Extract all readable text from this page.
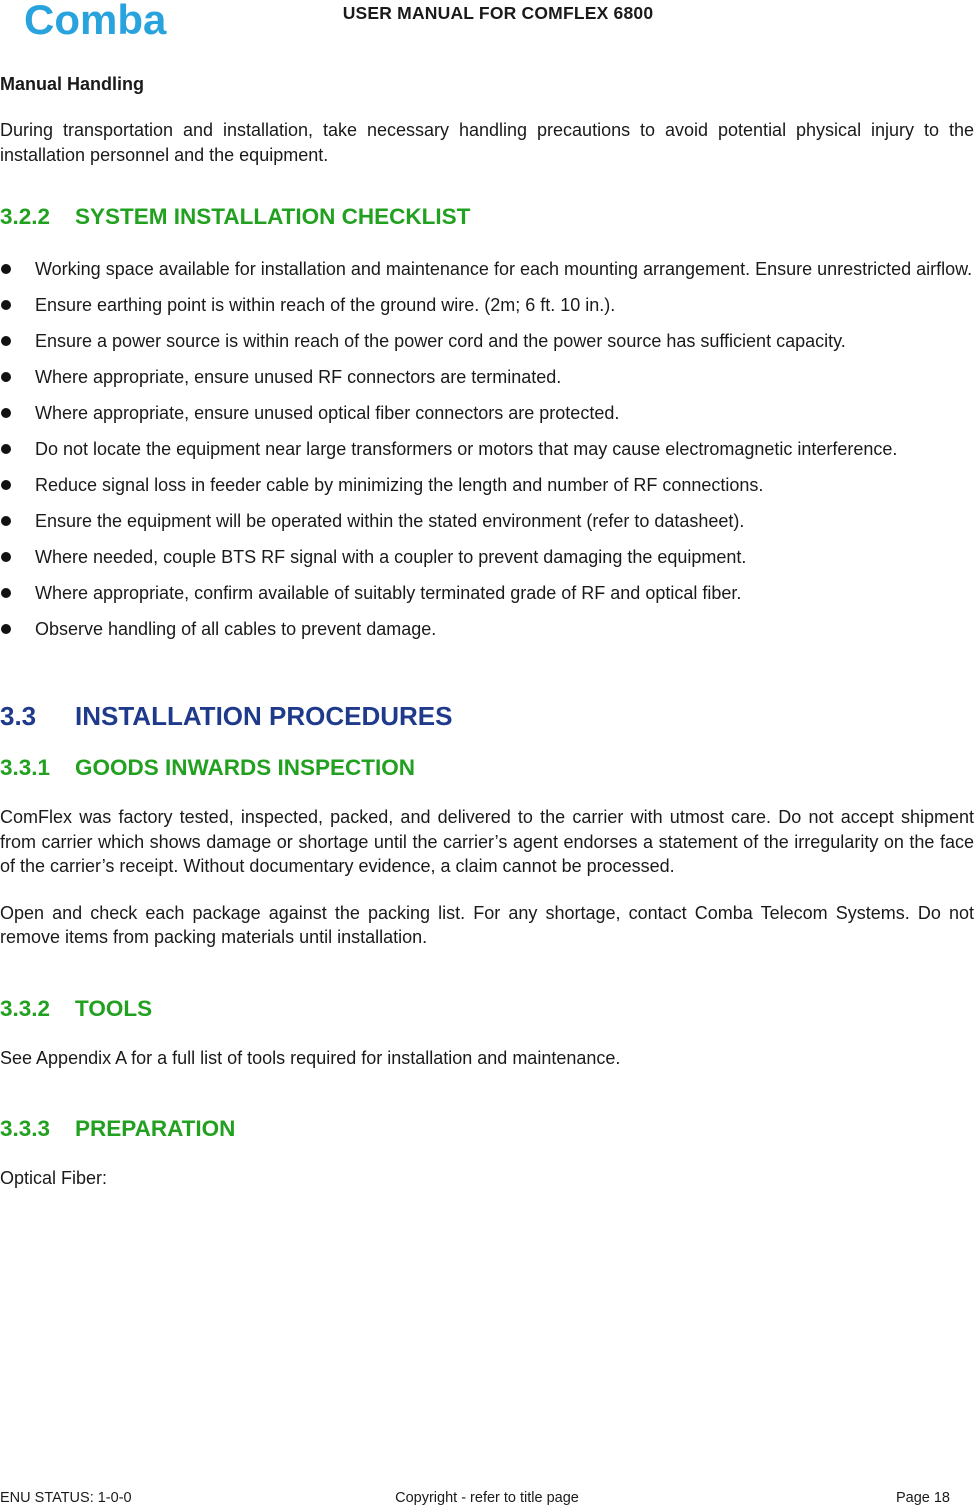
Comba	USER MANUAL FOR COMFLEX 6800
Manual Handling

During transportation and installation, take necessary handling precautions to avoid potential physical injury to the installation personnel and the equipment.

3.2.2 SYSTEM INSTALLATION CHECKLIST
Working space available for installation and maintenance for each mounting arrangement. Ensure unrestricted airflow.
Ensure earthing point is within reach of the ground wire. (2m; 6 ft. 10 in.).
Ensure a power source is within reach of the power cord and the power source has sufficient capacity.
Where appropriate, ensure unused RF connectors are terminated.
Where appropriate, ensure unused optical fiber connectors are protected.
Do not locate the equipment near large transformers or motors that may cause electromagnetic interference.
Reduce signal loss in feeder cable by minimizing the length and number of RF connections.
Ensure the equipment will be operated within the stated environment (refer to datasheet).
Where needed, couple BTS RF signal with a coupler to prevent damaging the equipment.
Where appropriate, confirm available of suitably terminated grade of RF and optical fiber.
Observe handling of all cables to prevent damage.
3.3 INSTALLATION PROCEDURES
3.3.1 GOODS INWARDS INSPECTION

ComFlex was factory tested, inspected, packed, and delivered to the carrier with utmost care. Do not accept shipment from carrier which shows damage or shortage until the carrier’s agent endorses a statement of the irregularity on the face of the carrier’s receipt. Without documentary evidence, a claim cannot be processed.

Open and check each package against the packing list. For any shortage, contact Comba Telecom Systems. Do not remove items from packing materials until installation.

3.3.2 TOOLS

See Appendix A for a full list of tools required for installation and maintenance.

3.3.3 PREPARATION

Optical Fiber:

ENU STATUS: 1-0-0	Copyright - refer to title page	Page 18
